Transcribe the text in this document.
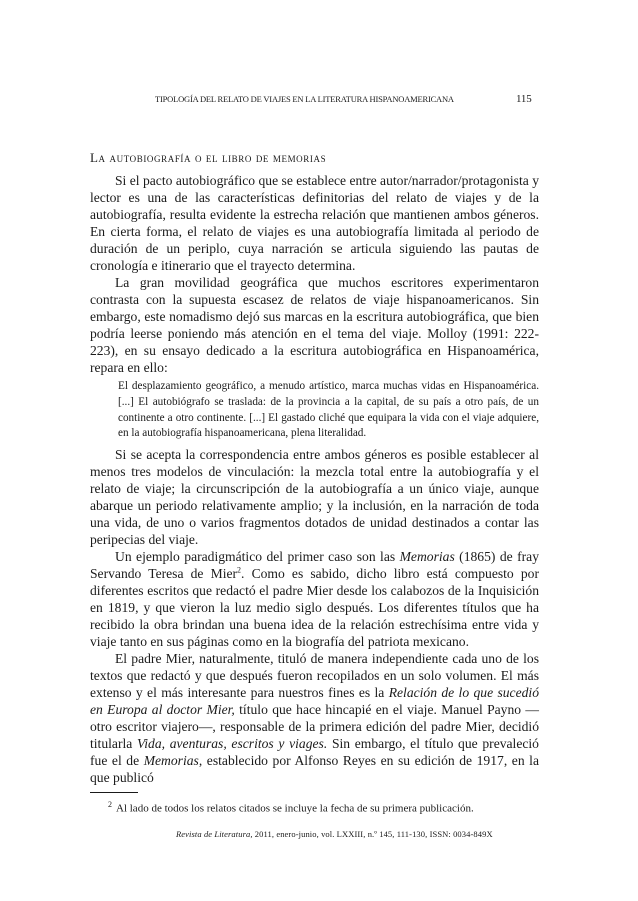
TIPOLOGÍA DEL RELATO DE VIAJES EN LA LITERATURA HISPANOAMERICANA	115
La autobiografía o el libro de memorias

Si el pacto autobiográfico que se establece entre autor/narrador/protagonista y lector es una de las características definitorias del relato de viajes y de la autobiografía, resulta evidente la estrecha relación que mantienen ambos géneros. En cierta forma, el relato de viajes es una autobiografía limitada al periodo de duración de un periplo, cuya narración se articula siguiendo las pautas de cronología e itinerario que el trayecto determina.

La gran movilidad geográfica que muchos escritores experimentaron contrasta con la supuesta escasez de relatos de viaje hispanoamericanos. Sin embargo, este nomadismo dejó sus marcas en la escritura autobiográfica, que bien podría leerse poniendo más atención en el tema del viaje. Molloy (1991: 222-223), en su ensayo dedicado a la escritura autobiográfica en Hispanoamérica, repara en ello:

El desplazamiento geográfico, a menudo artístico, marca muchas vidas en Hispanoamérica. [...] El autobiógrafo se traslada: de la provincia a la capital, de su país a otro país, de un continente a otro continente. [...] El gastado cliché que equipara la vida con el viaje adquiere, en la autobiografía hispanoamericana, plena literalidad.

Si se acepta la correspondencia entre ambos géneros es posible establecer al menos tres modelos de vinculación: la mezcla total entre la autobiografía y el relato de viaje; la circunscripción de la autobiografía a un único viaje, aunque abarque un periodo relativamente amplio; y la inclusión, en la narración de toda una vida, de uno o varios fragmentos dotados de unidad destinados a contar las peripecias del viaje.

Un ejemplo paradigmático del primer caso son las Memorias (1865) de fray Servando Teresa de Mier$^2$. Como es sabido, dicho libro está compuesto por diferentes escritos que redactó el padre Mier desde los calabozos de la Inquisición en 1819, y que vieron la luz medio siglo después. Los diferentes títulos que ha recibido la obra brindan una buena idea de la relación estrechísima entre vida y viaje tanto en sus páginas como en la biografía del patriota mexicano.

El padre Mier, naturalmente, tituló de manera independiente cada uno de los textos que redactó y que después fueron recopilados en un solo volumen. El más extenso y el más interesante para nuestros fines es la Relación de lo que sucedió en Europa al doctor Mier, título que hace hincapié en el viaje. Manuel Payno —otro escritor viajero—, responsable de la primera edición del padre Mier, decidió titularla Vida, aventuras, escritos y viages. Sin embargo, el título que prevaleció fue el de Memorias, establecido por Alfonso Reyes en su edición de 1917, en la que publicó

$^2$ Al lado de todos los relatos citados se incluye la fecha de su primera publicación.
Revista de Literatura, 2011, enero-junio, vol. LXXIII, n.º 145, 111-130, ISSN: 0034-849X
